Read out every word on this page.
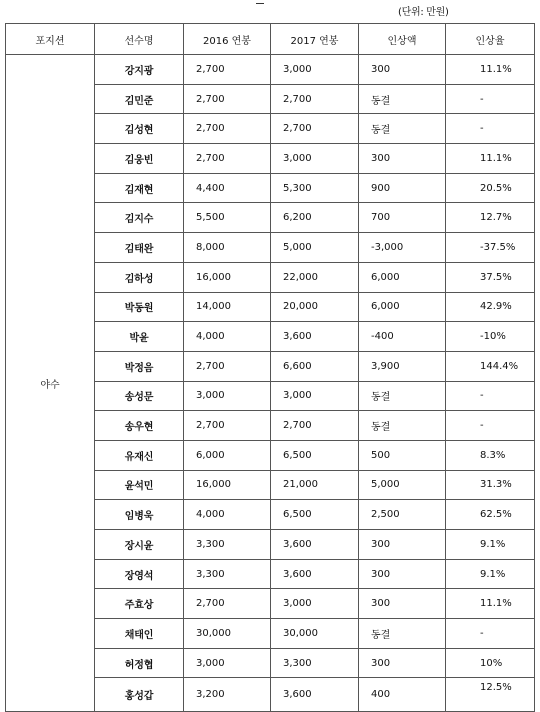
(단위: 만원)
포지션	선수명	2016 연봉	2017 연봉	인상액	인상율
야수	강지광	2,700	3,000	300	11.1%
	김민준	2,700	2,700	동결	-
	김성현	2,700	2,700	동결	-
	김웅빈	2,700	3,000	300	11.1%
	김재현	4,400	5,300	900	20.5%
	김지수	5,500	6,200	700	12.7%
	김태완	8,000	5,000	-3,000	-37.5%
	김하성	16,000	22,000	6,000	37.5%
	박동원	14,000	20,000	6,000	42.9%
	박윤	4,000	3,600	-400	-10%
	박정음	2,700	6,600	3,900	144.4%
	송성문	3,000	3,000	동결	-
	송우현	2,700	2,700	동결	-
	유재신	6,000	6,500	500	8.3%
	윤석민	16,000	21,000	5,000	31.3%
	임병욱	4,000	6,500	2,500	62.5%
	장시윤	3,300	3,600	300	9.1%
	장영석	3,300	3,600	300	9.1%
	주효상	2,700	3,000	300	11.1%
	채태인	30,000	30,000	동결	-
	허정협	3,000	3,300	300	10%
	홍성갑	3,200	3,600	400	12.5%
